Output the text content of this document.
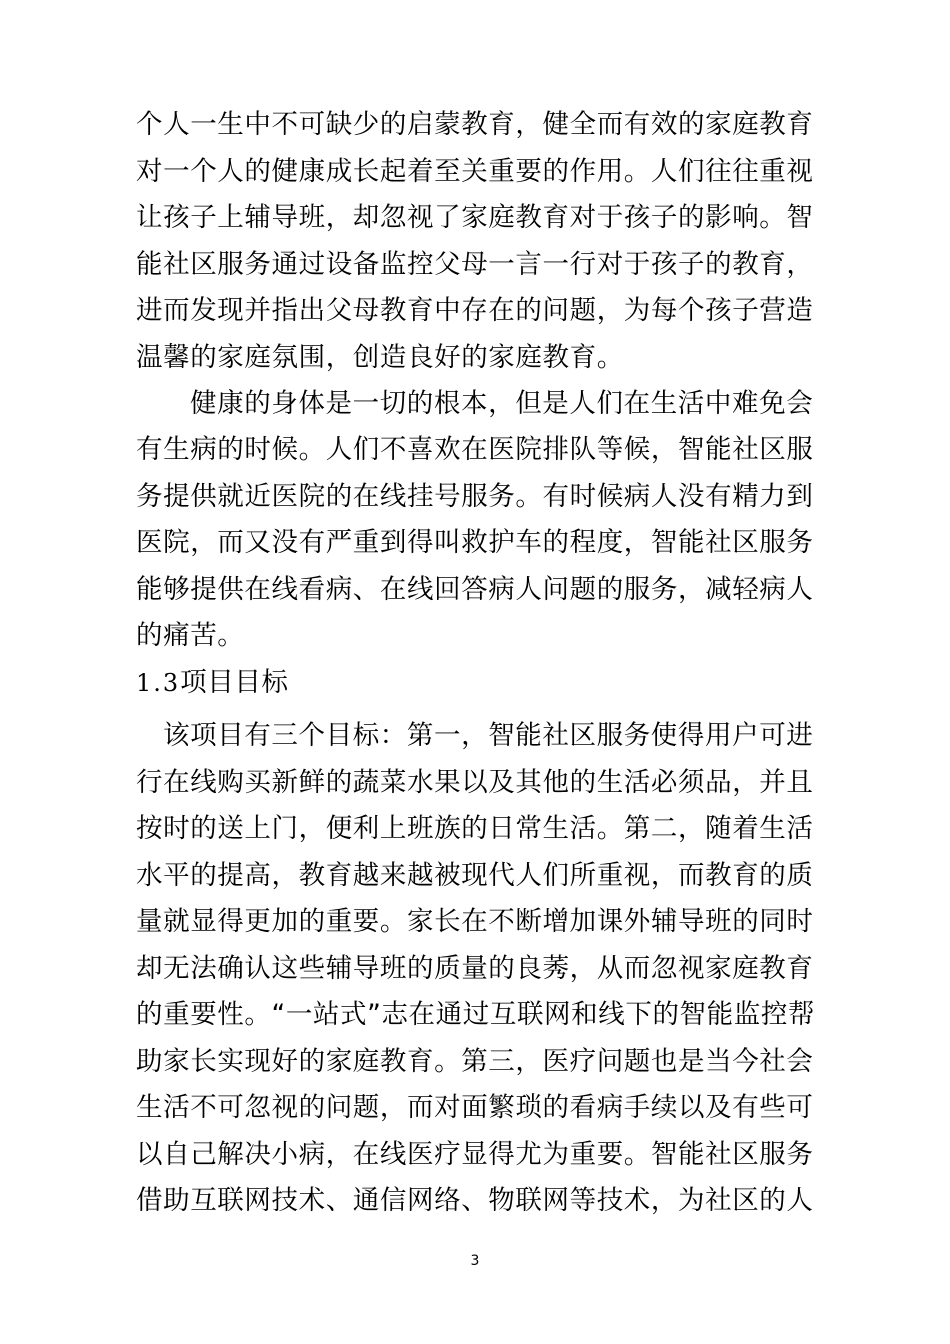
个人一生中不可缺少的启蒙教育，健全而有效的家庭教育
对一个人的健康成长起着至关重要的作用。人们往往重视
让孩子上辅导班，却忽视了家庭教育对于孩子的影响。智
能社区服务通过设备监控父母一言一行对于孩子的教育，
进而发现并指出父母教育中存在的问题，为每个孩子营造
温馨的家庭氛围，创造良好的家庭教育。
健康的身体是一切的根本，但是人们在生活中难免会
有生病的时候。人们不喜欢在医院排队等候，智能社区服
务提供就近医院的在线挂号服务。有时候病人没有精力到
医院，而又没有严重到得叫救护车的程度，智能社区服务
能够提供在线看病、在线回答病人问题的服务，减轻病人
的痛苦。
1.3项目目标
该项目有三个目标：第一，智能社区服务使得用户可进
行在线购买新鲜的蔬菜水果以及其他的生活必须品，并且
按时的送上门，便利上班族的日常生活。第二，随着生活
水平的提高，教育越来越被现代人们所重视，而教育的质
量就显得更加的重要。家长在不断增加课外辅导班的同时
却无法确认这些辅导班的质量的良莠，从而忽视家庭教育
的重要性。“一站式”志在通过互联网和线下的智能监控帮
助家长实现好的家庭教育。第三，医疗问题也是当今社会
生活不可忽视的问题，而对面繁琐的看病手续以及有些可
以自己解决小病，在线医疗显得尤为重要。智能社区服务
借助互联网技术、通信网络、物联网等技术，为社区的人
3
